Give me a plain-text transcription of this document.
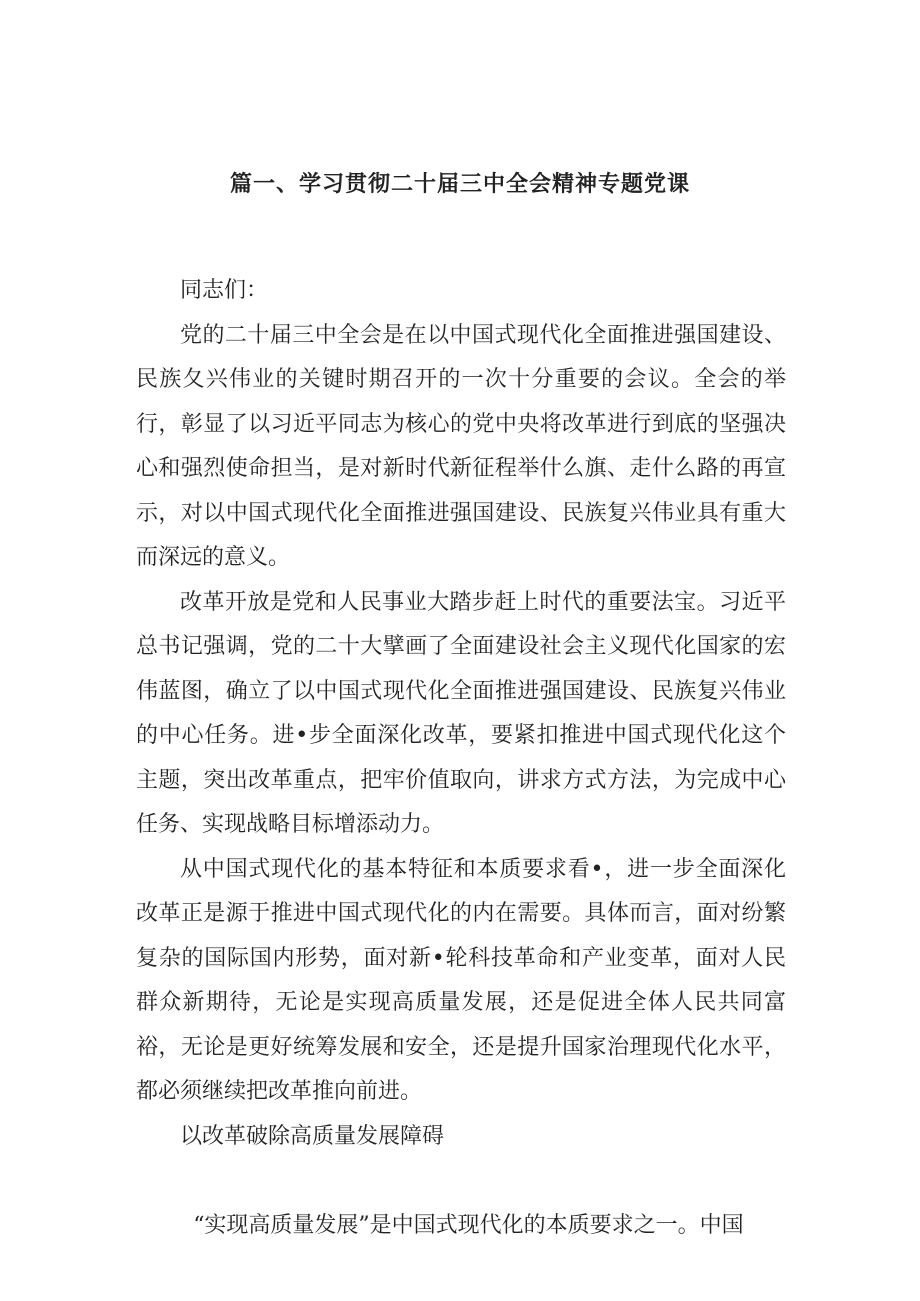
篇一、学习贯彻二十届三中全会精神专题党课

同志们：

党的二十届三中全会是在以中国式现代化全面推进强国建设、民族夂兴伟业的关键时期召开的一次十分重要的会议。全会的举行，彰显了以习近平同志为核心的党中央将改革进行到底的坚强决心和强烈使命担当，是对新时代新征程举什么旗、走什么路的再宣示，对以中国式现代化全面推进强国建设、民族复兴伟业具有重大而深远的意义。

改革开放是党和人民事业大踏步赶上时代的重要法宝。习近平总书记强调，党的二十大擘画了全面建设社会主义现代化国家的宏伟蓝图，确立了以中国式现代化全面推进强国建设、民族复兴伟业的中心任务。进•步全面深化改革，要紧扣推进中国式现代化这个主题，突出改革重点，把牢价值取向，讲求方式方法，为完成中心任务、实现战略目标增添动力。

从中国式现代化的基本特征和本质要求看•，进一步全面深化改革正是源于推进中国式现代化的内在需要。具体而言，面对纷繁复杂的国际国内形势，面对新•轮科技革命和产业变革，面对人民群众新期待，无论是实现高质量发展，还是促进全体人民共同富裕，无论是更好统筹发展和安全，还是提升国家治理现代化水平，都必须继续把改革推向前进。

以改革破除高质量发展障碍

“实现高质量发展”是中国式现代化的本质要求之一。中国
